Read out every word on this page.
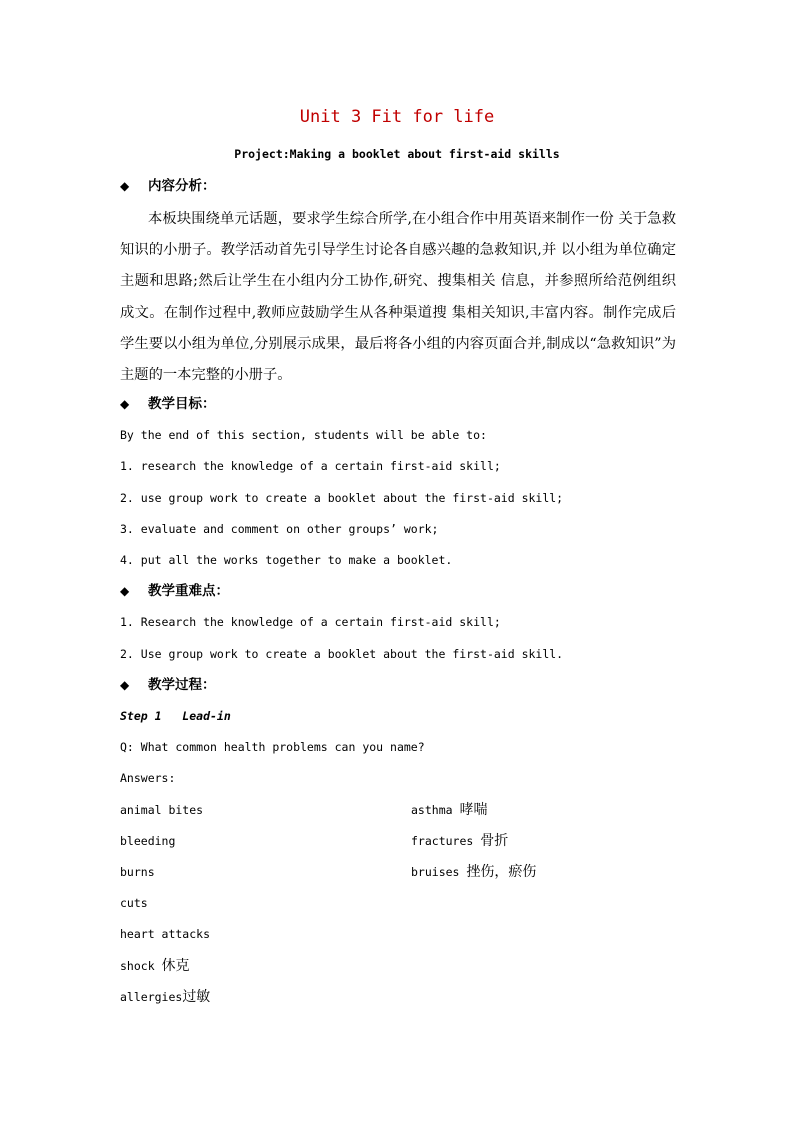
Unit 3 Fit for life
Project:Making a booklet about first-aid skills
◆ 内容分析：

本板块围绕单元话题，要求学生综合所学,在小组合作中用英语来制作一份 关于急救知识的小册子。教学活动首先引导学生讨论各自感兴趣的急救知识,并 以小组为单位确定主题和思路;然后让学生在小组内分工协作,研究、搜集相关 信息，并参照所给范例组织成文。在制作过程中,教师应鼓励学生从各种渠道搜 集相关知识,丰富内容。制作完成后学生要以小组为单位,分别展示成果，最后将各小组的内容页面合并,制成以“急救知识”为主题的一本完整的小册子。

◆ 教学目标：
By the end of this section, students will be able to:
1. research the knowledge of a certain first-aid skill;
2. use group work to create a booklet about the first-aid skill;
3. evaluate and comment on other groups’ work;
4. put all the works together to make a booklet.
◆ 教学重难点：
1. Research the knowledge of a certain first-aid skill;
2. Use group work to create a booklet about the first-aid skill.
◆ 教学过程：
Step 1   Lead-in
Q: What common health problems can you name?
Answers:
animal bites
bleeding
burns
cuts
heart attacks
shock 休克
allergies过敏
asthma 哮喘
fractures 骨折
bruises 挫伤，瘀伤
